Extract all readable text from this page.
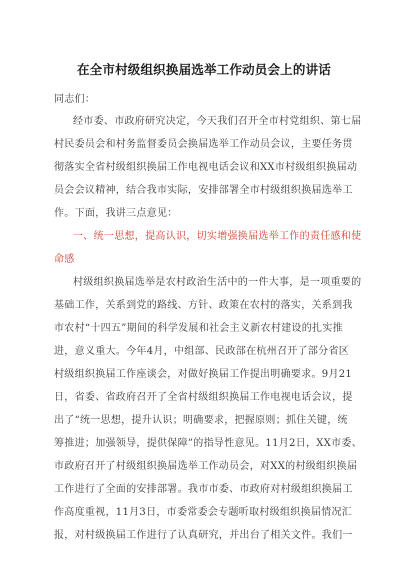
在全市村级组织换届选举工作动员会上的讲话
同志们：
经市委、市政府研究决定，今天我们召开全市村党组织、第七届
村民委员会和村务监督委员会换届选举工作动员会议，主要任务贯
彻落实全省村级组织换届工作电视电话会议和XX市村级组织换届动
员会会议精神，结合我市实际，安排部署全市村级组织换届选举工
作。下面，我讲三点意见：
一、统一思想，提高认识，切实增强换届选举工作的责任感和使
命感
村级组织换届选举是农村政治生活中的一件大事，是一项重要的
基础工作，关系到党的路线、方针、政策在农村的落实，关系到我
市农村“十四五”期间的科学发展和社会主义新农村建设的扎实推
进，意义重大。今年4月，中组部、民政部在杭州召开了部分省区
村级组织换届工作座谈会，对做好换届工作提出明确要求。9月21
日，省委、省政府召开了全省村级组织换届工作电视电话会议，提
出了“统一思想，提升认识；明确要求，把握原则；抓住关键，统
筹推进；加强领导，提供保障”的指导性意见。11月2日，XX市委、
市政府召开了村级组织换届选举工作动员会，对XX的村级组织换届
工作进行了全面的安排部署。我市市委、市政府对村级组织换届工
作高度重视，11月3日，市委常委会专题听取村级组织换届情况汇
报，对村级换届工作进行了认真研究，并出台了相关文件。我们一
